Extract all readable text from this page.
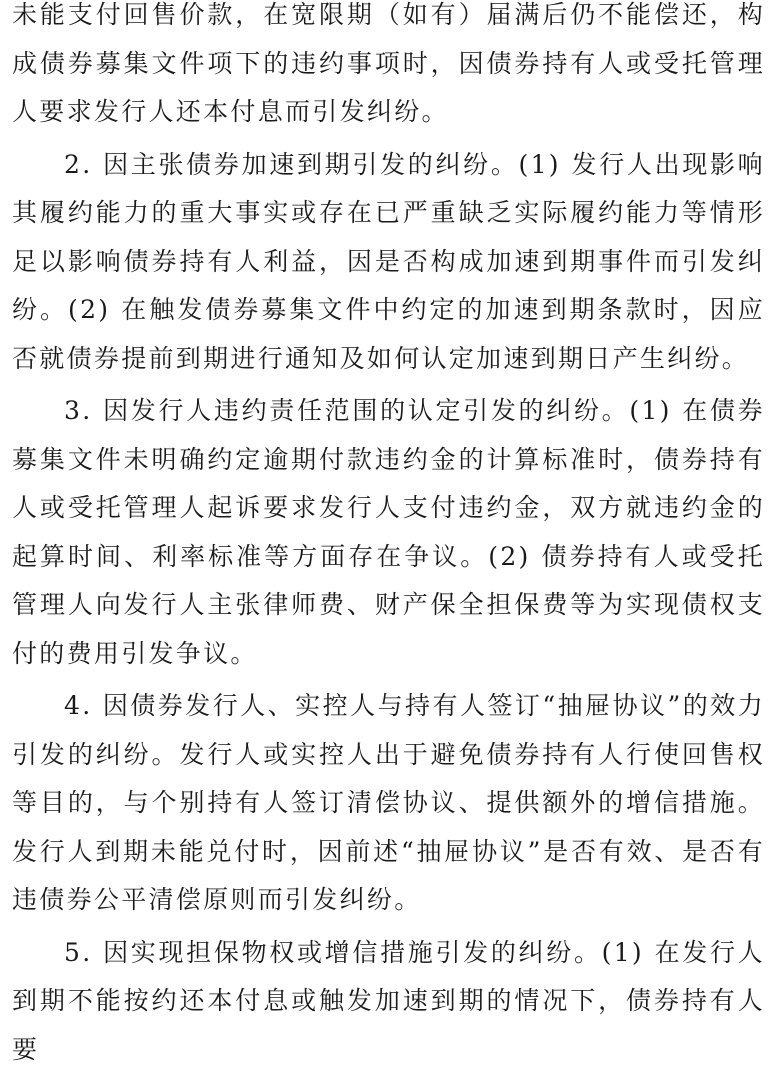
未能支付回售价款，在宽限期（如有）届满后仍不能偿还，构成债券募集文件项下的违约事项时，因债券持有人或受托管理人要求发行人还本付息而引发纠纷。

2. 因主张债券加速到期引发的纠纷。(1) 发行人出现影响其履约能力的重大事实或存在已严重缺乏实际履约能力等情形足以影响债券持有人利益，因是否构成加速到期事件而引发纠纷。(2) 在触发债券募集文件中约定的加速到期条款时，因应否就债券提前到期进行通知及如何认定加速到期日产生纠纷。

3. 因发行人违约责任范围的认定引发的纠纷。(1) 在债券募集文件未明确约定逾期付款违约金的计算标准时，债券持有人或受托管理人起诉要求发行人支付违约金，双方就违约金的起算时间、利率标准等方面存在争议。(2) 债券持有人或受托管理人向发行人主张律师费、财产保全担保费等为实现债权支付的费用引发争议。

4. 因债券发行人、实控人与持有人签订“抽屉协议”的效力引发的纠纷。发行人或实控人出于避免债券持有人行使回售权等目的，与个别持有人签订清偿协议、提供额外的增信措施。发行人到期未能兑付时，因前述“抽屉协议”是否有效、是否有违债券公平清偿原则而引发纠纷。

5. 因实现担保物权或增信措施引发的纠纷。(1) 在发行人到期不能按约还本付息或触发加速到期的情况下，债券持有人要
